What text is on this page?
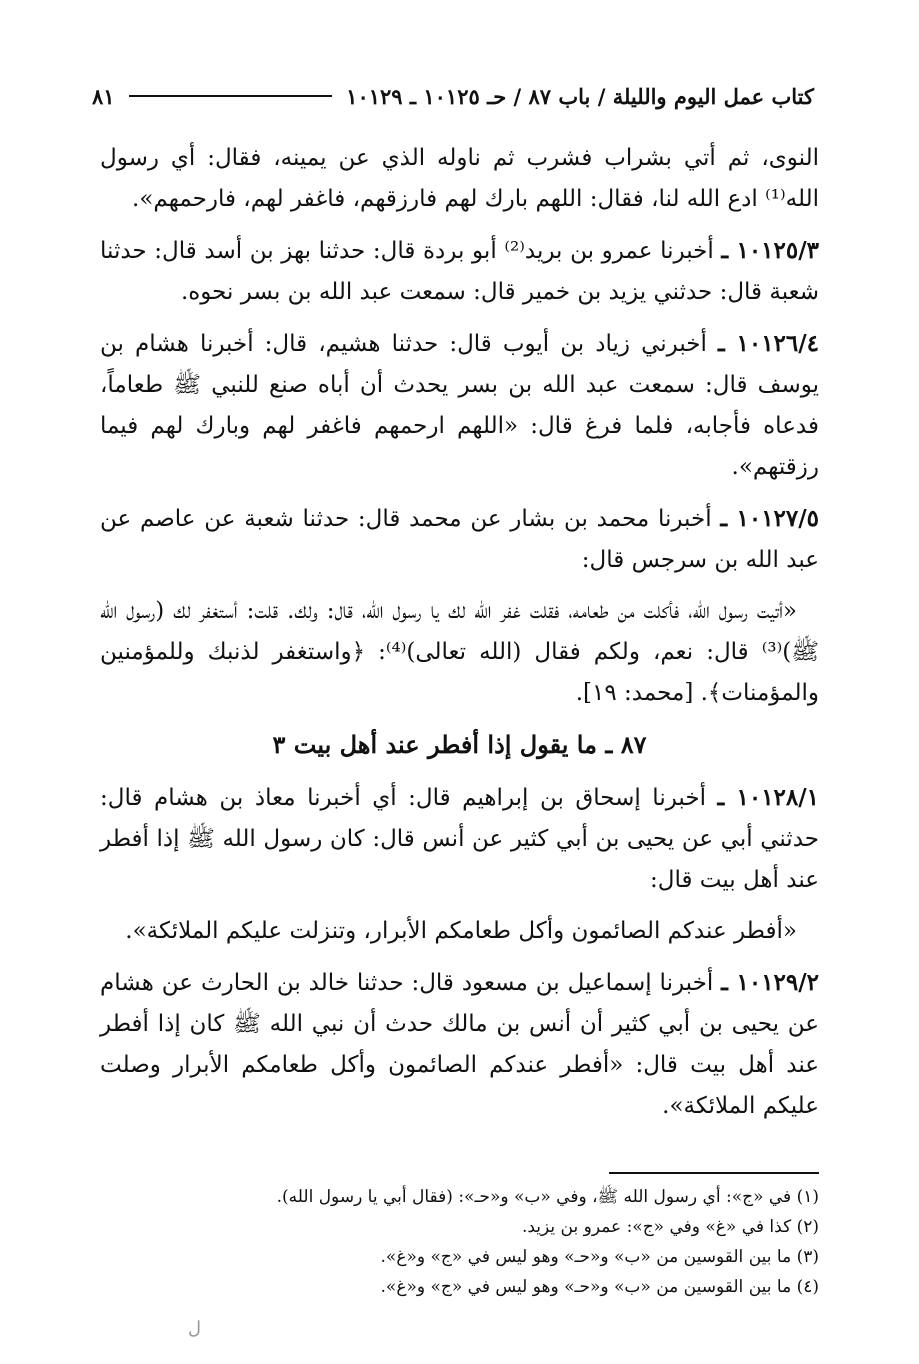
كتاب عمل اليوم والليلة / باب ٨٧ / حـ ١٠١٢٥ ـ ١٠١٢٩
٨١

النوى، ثم أتي بشراب فشرب ثم ناوله الذي عن يمينه، فقال: أي رسول الله⁽¹⁾ ادع الله لنا، فقال: اللهم بارك لهم فارزقهم، فاغفر لهم، فارحمهم».

١٠١٢٥/٣ ـ أخبرنا عمرو بن بريد⁽²⁾ أبو بردة قال: حدثنا بهز بن أسد قال: حدثنا شعبة قال: حدثني يزيد بن خمير قال: سمعت عبد الله بن بسر نحوه.

١٠١٢٦/٤ ـ أخبرني زياد بن أيوب قال: حدثنا هشيم، قال: أخبرنا هشام بن يوسف قال: سمعت عبد الله بن بسر يحدث أن أباه صنع للنبي ﷺ طعاماً، فدعاه فأجابه، فلما فرغ قال: «اللهم ارحمهم فاغفر لهم وبارك لهم فيما رزقتهم».

١٠١٢٧/٥ ـ أخبرنا محمد بن بشار عن محمد قال: حدثنا شعبة عن عاصم عن عبد الله بن سرجس قال:

«أتيت رسول الله، فأكلت من طعامه، فقلت غفر الله لك يا رسول الله، قال: ولك. قلت: أستغفر لك (رسول الله ﷺ)⁽³⁾ قال: نعم، ولكم فقال (الله تعالى)⁽⁴⁾: ﴿واستغفر لذنبك وللمؤمنين والمؤمنات﴾. [محمد: ١٩].

٨٧ ـ ما يقول إذا أفطر عند أهل بيت ٣

١٠١٢٨/١ ـ أخبرنا إسحاق بن إبراهيم قال: أي أخبرنا معاذ بن هشام قال: حدثني أبي عن يحيى بن أبي كثير عن أنس قال: كان رسول الله ﷺ إذا أفطر عند أهل بيت قال:

«أفطر عندكم الصائمون وأكل طعامكم الأبرار، وتنزلت عليكم الملائكة».

١٠١٢٩/٢ ـ أخبرنا إسماعيل بن مسعود قال: حدثنا خالد بن الحارث عن هشام عن يحيى بن أبي كثير أن أنس بن مالك حدث أن نبي الله ﷺ كان إذا أفطر عند أهل بيت قال: «أفطر عندكم الصائمون وأكل طعامكم الأبرار وصلت عليكم الملائكة».

(١) في «ج»: أي رسول الله ﷺ، وفي «ب» و«حـ»: (فقال أبي يا رسول الله).
(٢) كذا في «غ» وفي «ج»: عمرو بن يزيد.
(٣) ما بين القوسين من «ب» و«حـ» وهو ليس في «ج» و«غ».
(٤) ما بين القوسين من «ب» و«حـ» وهو ليس في «ج» و«غ».
ل
